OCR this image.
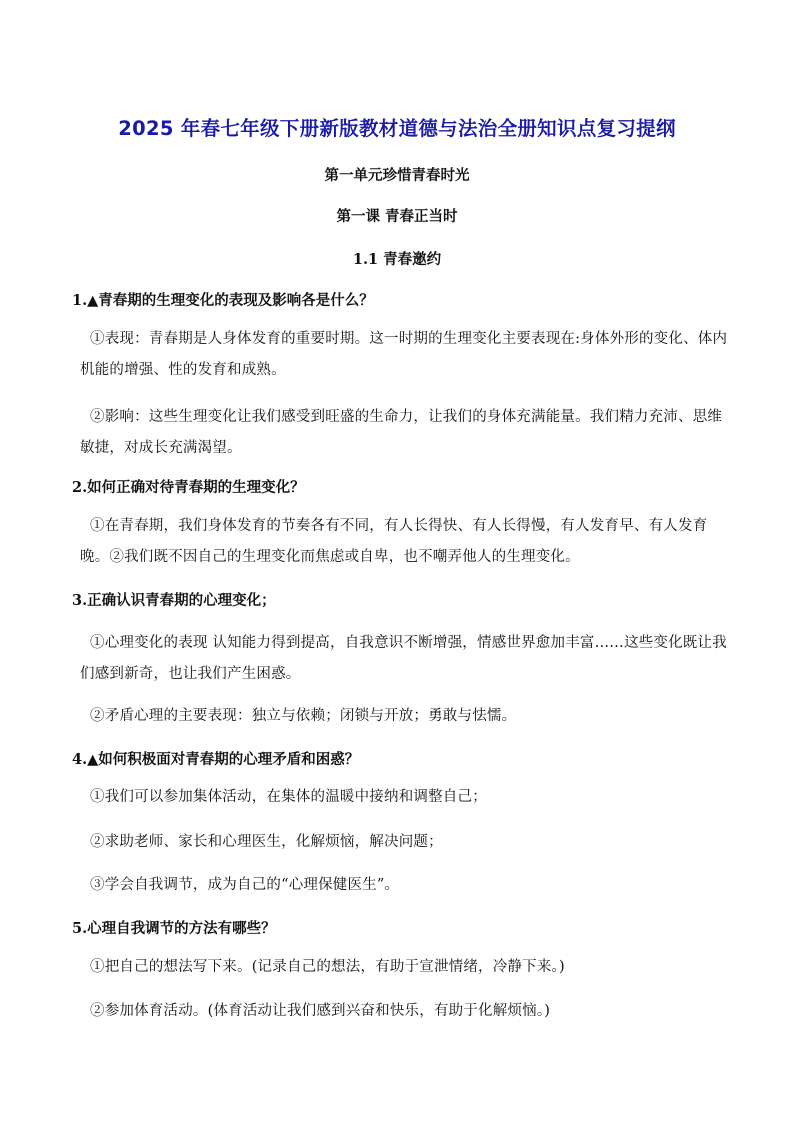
2025 年春七年级下册新版教材道德与法治全册知识点复习提纲
第一单元珍惜青春时光
第一课 青春正当时
1.1 青春邀约
1.▲青春期的生理变化的表现及影响各是什么？
①表现：青春期是人身体发育的重要时期。这一时期的生理变化主要表现在:身体外形的变化、体内机能的增强、性的发育和成熟。
②影响：这些生理变化让我们感受到旺盛的生命力，让我们的身体充满能量。我们精力充沛、思维敏捷，对成长充满渴望。
2.如何正确对待青春期的生理变化？
①在青春期，我们身体发育的节奏各有不同，有人长得快、有人长得慢，有人发育早、有人发育晚。②我们既不因自己的生理变化而焦虑或自卑，也不嘲弄他人的生理变化。
3.正确认识青春期的心理变化；
①心理变化的表现 认知能力得到提高，自我意识不断增强，情感世界愈加丰富……这些变化既让我们感到新奇，也让我们产生困惑。
②矛盾心理的主要表现：独立与依赖；闭锁与开放；勇敢与怯懦。
4.▲如何积极面对青春期的心理矛盾和困惑？
①我们可以参加集体活动，在集体的温暖中接纳和调整自己；
②求助老师、家长和心理医生，化解烦恼，解决问题；
③学会自我调节，成为自己的“心理保健医生”。
5.心理自我调节的方法有哪些？
①把自己的想法写下来。(记录自己的想法，有助于宣泄情绪，冷静下来。)
②参加体育活动。(体育活动让我们感到兴奋和快乐，有助于化解烦恼。)
